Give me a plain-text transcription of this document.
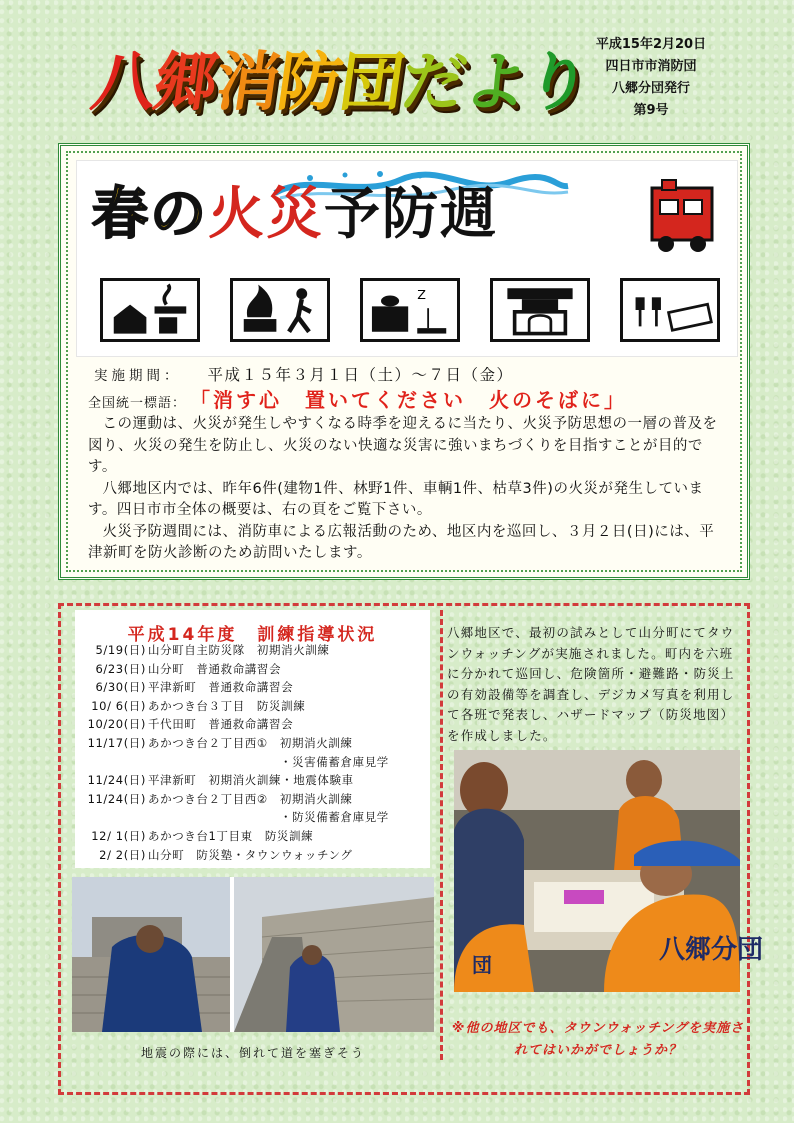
八郷消防団だより
平成15年2月20日
四日市市消防団
八郷分団発行
第9号
春の火災予防週
Z
実施期間： 平成１５年３月１日（土）～７日（金）
全国統一標語： 「消す心　置いてください　火のそばに」

この運動は、火災が発生しやすくなる時季を迎えるに当たり、火災予防思想の一層の普及を図り、火災の発生を防止し、火災のない快適な災害に強いまちづくりを目指すことが目的です。

八郷地区内では、昨年6件(建物1件、林野1件、車輌1件、枯草3件)の火災が発生しています。四日市市全体の概要は、右の頁をご覧下さい。

火災予防週間には、消防車による広報活動のため、地区内を巡回し、３月２日(日)には、平津新町を防火診断のため訪問いたします。

平成14年度　訓練指導状況
5/19(日) 山分町自主防災隊　初期消火訓練
6/23(日) 山分町　普通救命講習会
6/30(日) 平津新町　普通救命講習会
10/ 6(日) あかつき台３丁目　防災訓練
10/20(日) 千代田町　普通救命講習会
11/17(日) あかつき台２丁目西①　初期消火訓練
・災害備蓄倉庫見学
11/24(日) 平津新町　初期消火訓練・地震体験車
11/24(日) あかつき台２丁目西②　初期消火訓練
・防災備蓄倉庫見学
12/ 1(日) あかつき台1丁目東　防災訓練
2/ 2(日) 山分町　防災塾・タウンウォッチング
八郷地区で、最初の試みとして山分町にてタウンウォッチングが実施されました。町内を六班に分かれて巡回し、危険箇所・避難路・防災上の有効設備等を調査し、デジカメ写真を利用して各班で発表し、ハザードマップ（防災地図）を作成しました。
八郷分団
団
地震の際には、倒れて道を塞ぎそう
※他の地区でも、タウンウォッチングを実施されてはいかがでしょうか？
